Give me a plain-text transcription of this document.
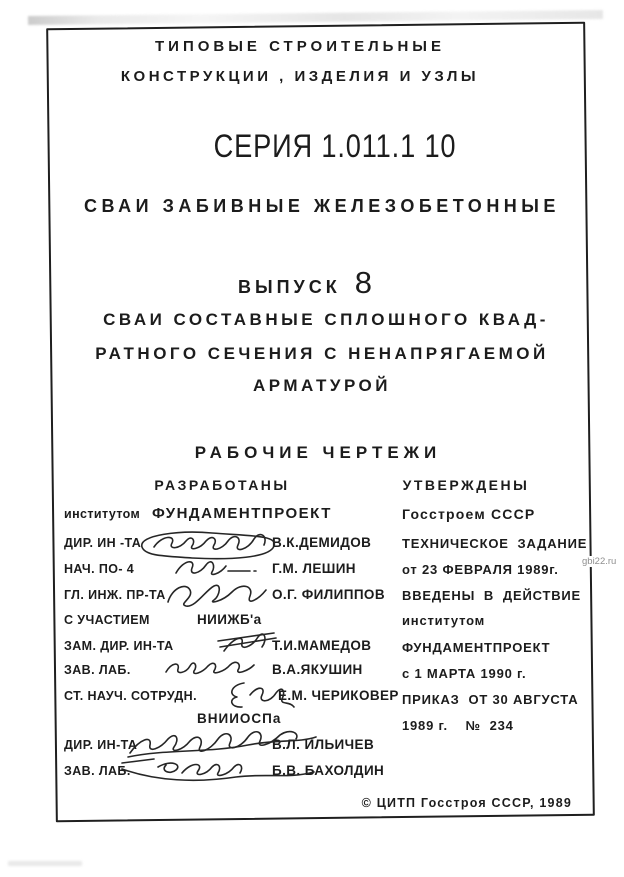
ТИПОВЫЕ СТРОИТЕЛЬНЫЕ
КОНСТРУКЦИИ , ИЗДЕЛИЯ И УЗЛЫ
СЕРИЯ 1.011.1 10
СВАИ ЗАБИВНЫЕ ЖЕЛЕЗОБЕТОННЫЕ
ВЫПУСК 8
СВАИ СОСТАВНЫЕ СПЛОШНОГО КВАД-
РАТНОГО СЕЧЕНИЯ С НЕНАПРЯГАЕМОЙ
АРМАТУРОЙ
РАБОЧИЕ ЧЕРТЕЖИ
РАЗРАБОТАНЫ	УТВЕРЖДЕНЫ
институтом ФУНДАМЕНТПРОЕКТ
ДИР. ИН -ТА	В.К.ДЕМИДОВ
НАЧ. ПО- 4	Г.М. ЛЕШИН
ГЛ. ИНЖ. ПР-ТА	О.Г. ФИЛИППОВ
С УЧАСТИЕМ	НИИЖБ'а
ЗАМ. ДИР. ИН-ТА	Т.И.МАМЕДОВ
ЗАВ. ЛАБ.	В.А.ЯКУШИН
СТ. НАУЧ. СОТРУДН.	Е.М. ЧЕРИКОВЕР
ВНИИОСПа
ДИР. ИН-ТА	В.Л. ИЛЬИЧЕВ
ЗАВ. ЛАБ.	Б.В. БАХОЛДИН
Госстроем СССР
ТЕХНИЧЕСКОЕ  ЗАДАНИЕ
от 23 ФЕВРАЛЯ 1989г.
ВВЕДЕНЫ  В  ДЕЙСТВИЕ
институтом
ФУНДАМЕНТПРОЕКТ
с 1 МАРТА 1990 г.
ПРИКАЗ  ОТ 30 АВГУСТА
1989 г.    №  234
© ЦИТП Госстроя СССР, 1989
gbi22.ru
